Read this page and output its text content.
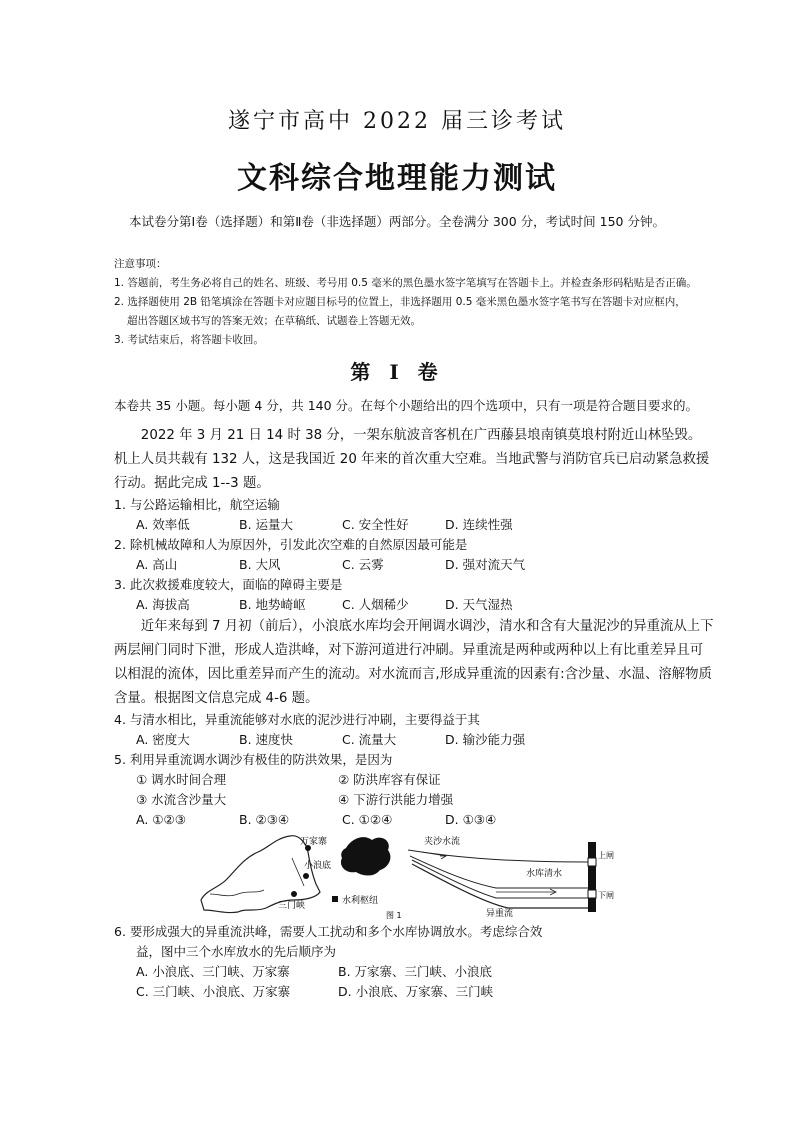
遂宁市高中 2022 届三诊考试
文科综合地理能力测试
本试卷分第Ⅰ卷（选择题）和第Ⅱ卷（非选择题）两部分。全卷满分 300 分，考试时间 150 分钟。
注意事项：
1. 答题前，考生务必将自己的姓名、班级、考号用 0.5 毫米的黑色墨水签字笔填写在答题卡上。并检查条形码粘贴是否正确。
2. 选择题使用 2B 铅笔填涂在答题卡对应题目标号的位置上，非选择题用 0.5 毫米黑色墨水签字笔书写在答题卡对应框内，
超出答题区域书写的答案无效；在草稿纸、试题卷上答题无效。
3. 考试结束后，将答题卡收回。
第 Ⅰ 卷
本卷共 35 小题。每小题 4 分，共 140 分。在每个小题给出的四个选项中，只有一项是符合题目要求的。

2022 年 3 月 21 日 14 时 38 分，一架东航波音客机在广西藤县埌南镇莫埌村附近山林坠毁。机上人员共载有 132 人，这是我国近 20 年来的首次重大空难。当地武警与消防官兵已启动紧急救援行动。据此完成 1--3 题。

1. 与公路运输相比，航空运输
A. 效率低	B. 运量大	C. 安全性好	D. 连续性强
2. 除机械故障和人为原因外，引发此次空难的自然原因最可能是
A. 高山	B. 大风	C. 云雾	D. 强对流天气
3. 此次救援难度较大，面临的障碍主要是
A. 海拔高	B. 地势崎岖	C. 人烟稀少	D. 天气湿热

近年来每到 7 月初（前后），小浪底水库均会开闸调水调沙，清水和含有大量泥沙的异重流从上下两层闸门同时下泄，形成人造洪峰，对下游河道进行冲刷。异重流是两种或两种以上有比重差异且可以相混的流体，因比重差异而产生的流动。对水流而言,形成异重流的因素有:含沙量、水温、溶解物质含量。根据图文信息完成 4-6 题。

4. 与清水相比，异重流能够对水底的泥沙进行冲刷，主要得益于其
A. 密度大	B. 速度快	C. 流量大	D. 输沙能力强
5. 利用异重流调水调沙有极佳的防洪效果，是因为
① 调水时间合理	② 防洪库容有保证
③ 水流含沙量大	④ 下游行洪能力增强
A. ①②③	B. ②③④	C. ①②④	D. ①③④
万家寨
小浪底
三门峡	水利枢纽
夹沙水流
水库清水
异重流
上闸
下闸
图 1
6. 要形成强大的异重流洪峰，需要人工扰动和多个水库协调放水。考虑综合效
益，图中三个水库放水的先后顺序为
A. 小浪底、三门峡、万家寨	B. 万家寨、三门峡、小浪底
C. 三门峡、小浪底、万家寨	D. 小浪底、万家寨、三门峡
